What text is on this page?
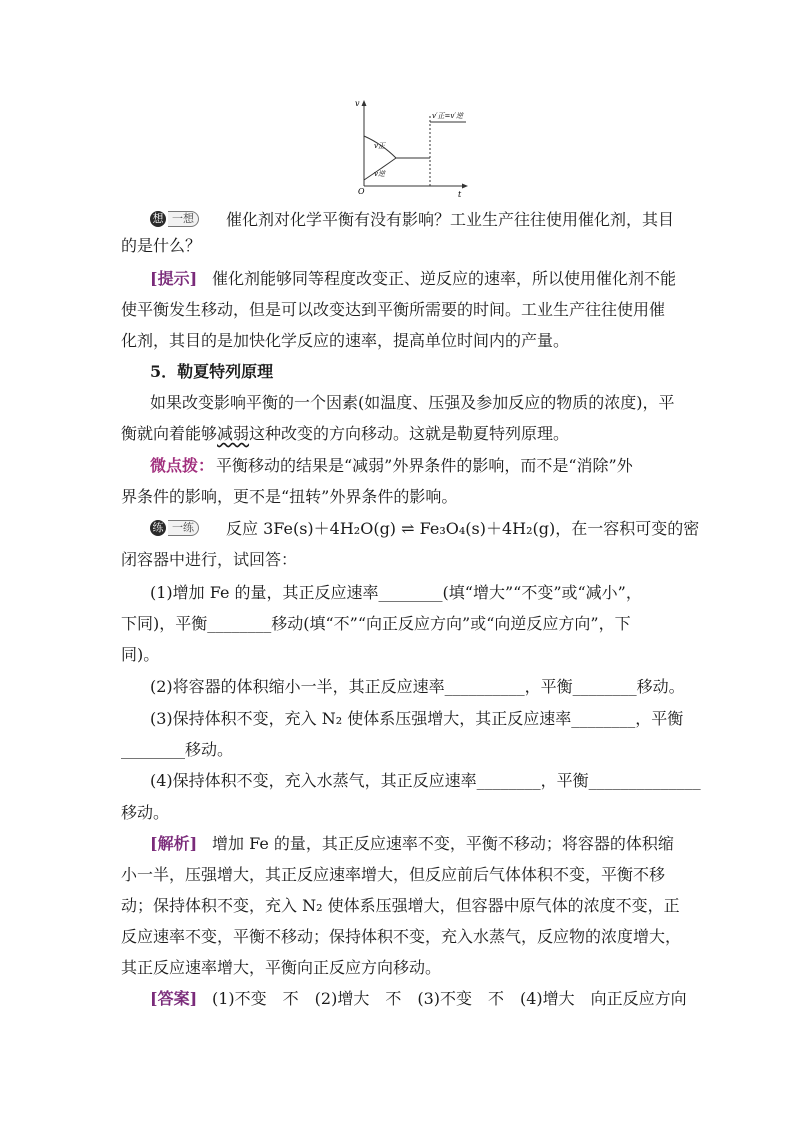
v
t
O
v正
v逆
v′正=v′逆
想 一想	催化剂对化学平衡有没有影响？工业生产往往使用催化剂，其目
的是什么？
[提示] 催化剂能够同等程度改变正、逆反应的速率，所以使用催化剂不能
使平衡发生移动，但是可以改变达到平衡所需要的时间。工业生产往往使用催
化剂，其目的是加快化学反应的速率，提高单位时间内的产量。
5．勒夏特列原理
如果改变影响平衡的一个因素(如温度、压强及参加反应的物质的浓度)，平
衡就向着能够减弱这种改变的方向移动。这就是勒夏特列原理。
微点拨： 平衡移动的结果是“减弱”外界条件的影响，而不是“消除”外
界条件的影响，更不是“扭转”外界条件的影响。
练 一练	反应 3Fe(s)＋4H₂O(g) ⇌ Fe₃O₄(s)＋4H₂(g)，在一容积可变的密
闭容器中进行，试回答：
(1)增加 Fe 的量，其正反应速率________(填“增大”“不变”或“减小”，
下同)，平衡________移动(填“不”“向正反应方向”或“向逆反应方向”，下
同)。
(2)将容器的体积缩小一半，其正反应速率__________，平衡________移动。
(3)保持体积不变，充入 N₂ 使体系压强增大，其正反应速率________，平衡
________移动。
(4)保持体积不变，充入水蒸气，其正反应速率________，平衡______________
移动。
[解析] 增加 Fe 的量，其正反应速率不变，平衡不移动；将容器的体积缩
小一半，压强增大，其正反应速率增大，但反应前后气体体积不变，平衡不移
动；保持体积不变，充入 N₂ 使体系压强增大，但容器中原气体的浓度不变，正
反应速率不变，平衡不移动；保持体积不变，充入水蒸气，反应物的浓度增大，
其正反应速率增大，平衡向正反应方向移动。
[答案] (1)不变　不　(2)增大　不　(3)不变　不　(4)增大　向正反应方向
